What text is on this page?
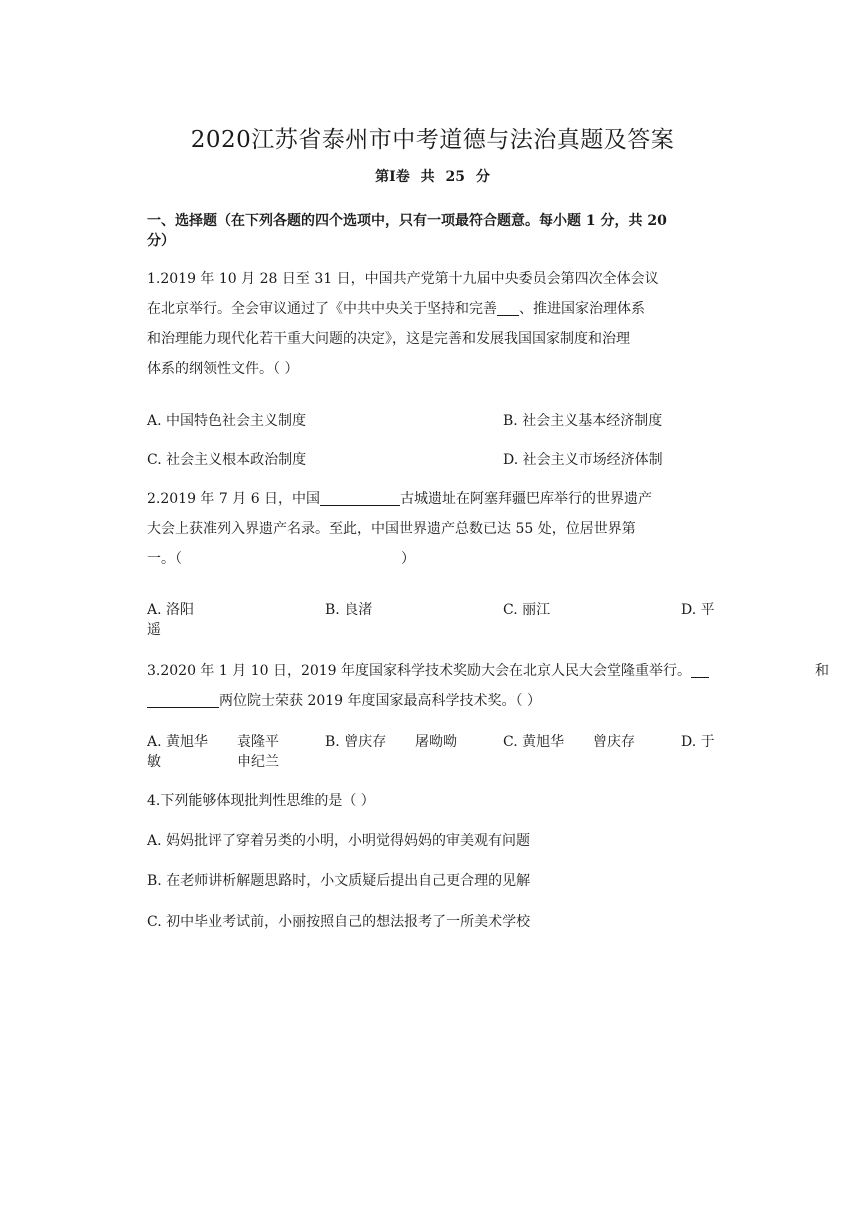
2020江苏省泰州市中考道德与法治真题及答案
第Ⅰ卷 共 25 分
一、选择题（在下列各题的四个选项中，只有一项最符合题意。每小题 1 分，共 20
分）
1.2019 年 10 月 28 日至 31 日，中国共产党第十九届中央委员会第四次全体会议
在北京举行。全会审议通过了《中共中央关于坚持和完善 、推进国家治理体系
和治理能力现代化若干重大问题的决定》，这是完善和发展我国国家制度和治理
体系的纲领性文件。（ ）
A. 中国特色社会主义制度	B. 社会主义基本经济制度
C. 社会主义根本政治制度	D. 社会主义市场经济体制
2.2019 年 7 月 6 日，中国	古城遗址在阿塞拜疆巴库举行的世界遗产
大会上获准列入界遗产名录。至此，中国世界遗产总数已达 55 处，位居世界第
一。（	）
A. 洛阳	B. 良渚	C. 丽江	D. 平
遥
3.2020 年 1 月 10 日，2019 年度国家科学技术奖励大会在北京人民大会堂隆重举行。	和
两位院士荣获 2019 年度国家最高科学技术奖。（ ）
A. 黄旭华 袁隆平	B. 曾庆存 屠呦呦	C. 黄旭华 曾庆存	D. 于
敏	申纪兰
4.下列能够体现批判性思维的是（ ）
A. 妈妈批评了穿着另类的小明，小明觉得妈妈的审美观有问题
B. 在老师讲析解题思路时，小文质疑后提出自己更合理的见解
C. 初中毕业考试前，小丽按照自己的想法报考了一所美术学校
